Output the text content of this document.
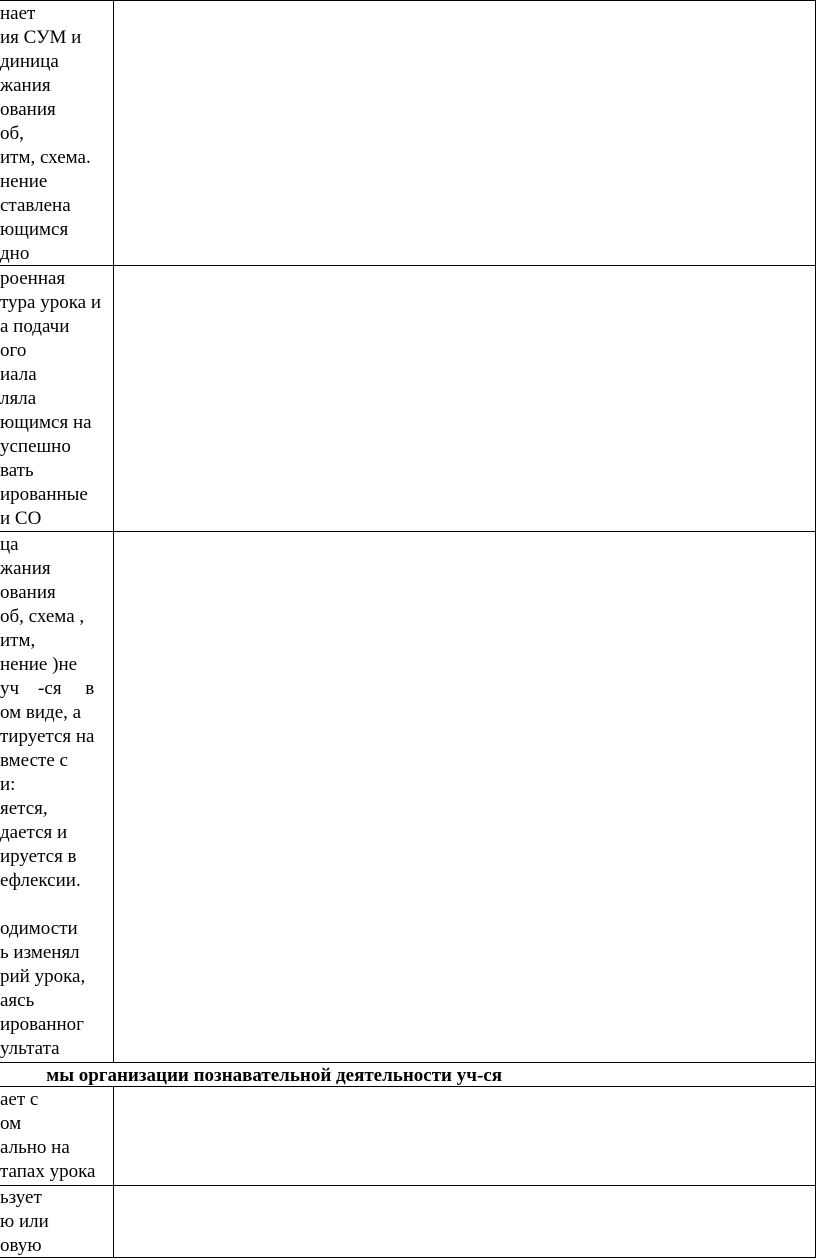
нает
ия СУМ и
диница
жания
ования
об,
итм, схема.
нение
ставлена
ющимся
дно
роенная
тура урока и
а подачи
ого
иала
ляла
ющимся на
успешно
вать
ированные
и СО
ца
жания
ования
об, схема ,
итм,
нение )не
уч    -ся     в
ом виде, а
тируется на
вместе с
и:
яется,
дается и
ируется в
ефлексии.

одимости
ь изменял
рий урока,
аясь
ированног
ультата
мы организации познавательной деятельности уч-ся
ает с
ом
ально на
тапах урока
ьзует
ю или
овую
